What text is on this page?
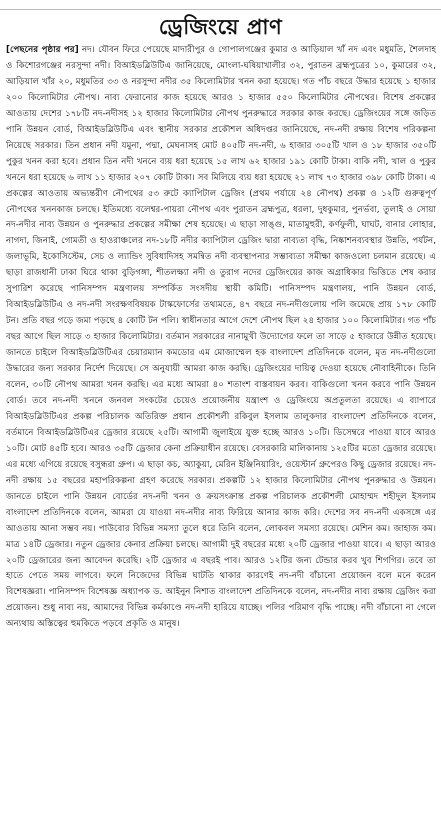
ড্রেজিংয়ে প্রাণ
[পেছনের পৃষ্ঠার পর] নদ। যৌবন ফিরে পেয়েছে মাদারীপুর ও গোপালগঞ্জের কুমার ও আড়িয়াল খাঁ নদ এবং মধুমতি, শৈলদাহ ও কিশোরগঞ্জের নরসুন্দা নদী। বিআইডব্লিউটিএ জানিয়েছে, মোংলা-ঘষিয়াখালীর ৩২, পুরাতন ব্রহ্মপুত্রের ১০, কুমারের ৩২, আড়িয়াল খাঁর ২০, মধুমতির ৩৩ ও নরসুন্দা নদীর ৩৫ কিলোমিটার খনন করা হয়েছে। গত পাঁচ বছরে উদ্ধার হয়েছে ১ হাজার ২০০ কিলোমিটার নৌপথ। নাব্য ফেরানোর কাজ হয়েছে আরও ১ হাজার ৫৫০ কিলোমিটার নৌপথের। বিশেষ প্রকল্পের আওতায় দেশের ১৭৮টি নদ-নদীসহ ১২ হাজার কিলোমিটার নৌপথ পুনরুদ্ধারে সরকার কাজ করছে। ড্রেজিংয়ের সঙ্গে জড়িত পানি উন্নয়ন বোর্ড, বিআইডব্লিউটিএ এবং স্থানীয় সরকার প্রকৌশল অধিদপ্তর জানিয়েছে, নদ-নদী রক্ষায় বিশেষ পরিকল্পনা নিয়েছে সরকার। তিন প্রধান নদী যমুনা, পদ্মা, মেঘনাসহ মোট ৪০৫টি নদ-নদী, ৬ হাজার ৩০৫টি খাল ও ১৮ হাজার ৩৫০টি পুকুর খনন করা হবে। প্রধান তিন নদী খননে ব্যয় ধরা হয়েছে ১৫ লাখ ৬২ হাজার ১৯১ কোটি টাকা। বাকি নদী, খাল ও পুকুর খননে ধরা হয়েছে ৬ লাখ ১১ হাজার ২০৭ কোটি টাকা। সব মিলিয়ে ব্যয় ধরা হয়েছে ২১ লাখ ৭৩ হাজার ৩৯৮ কোটি টাকা। এ প্রকল্পের আওতায় অভ্যন্তরীণ নৌপথের ৫৩ রুটে ক্যাপিটাল ড্রেজিং (প্রথম পর্যায়ে ২৪ নৌপথ) প্রকল্প ও ১২টি গুরুত্বপূর্ণ নৌপথের খননকাজ চলছে। ইতিমধ্যে বলেশ্বর-পায়রা নৌপথ এবং পুরাতন ব্রহ্মপুত্র, ধরলা, দুধকুমার, পুনর্ভবা, তুলাই ও সোয়া নদ-নদীর নাব্য উন্নয়ন ও পুনরুদ্ধার প্রকল্পের সমীক্ষা শেষ হয়েছে। এ ছাড়া সাঙ্গু, মাতামুহুরী, কর্ণফুলী, ঘাঘট, বানার লোহার, নাগদা, জিনাই, গোমতী ও হাওরাঞ্চলের নদ-১৮টি নদীর ক্যাপিটাল ড্রেজিং দ্বারা নাব্যতা বৃদ্ধি, নিষ্কাশনব্যবস্থার উন্নতি, পর্যটন, জলাভূমি, ইকোসিস্টেম, সেচ ও ল্যান্ডিং সুবিধাদিসহ সমন্বিত নদী ব্যবস্থাপনার সম্ভাব্যতা সমীক্ষা কাজওলো চলমান রয়েছে। এ ছাড়া রাজধানী ঢাকা ঘিরে থাকা বুড়িগঙ্গা, শীতলক্ষ্যা নদী ও তুরাগ নদের ড্রেজিংয়ের কাজ অগ্রাধিকার ভিত্তিতে শেষ করার সুপারিশ করেছে পানিসম্পদ মন্ত্রণালয় সম্পর্কিত সংসদীয় স্থায়ী কমিটি। পানিসম্পদ মন্ত্রণালয়, পানি উন্নয়ন বোর্ড, বিআইডব্লিউটিএ ও নদ-নদী সংরক্ষণবিষয়ক টাস্কফোর্সের তথ্যমতে, ৪৭ বছরে নদ-নদীগুলোয় পলি জমেছে প্রায় ১৭৮ কোটি টন। প্রতি বছর গড়ে জমা পড়ছে ৪ কোটি টন পলি। স্বাধীনতার আগে দেশে নৌপথ ছিল ২৪ হাজার ১০০ কিলোমিটার। গত পাঁচ বছর আগে ছিল সাড়ে ৩ হাজার কিলোমিটার। বর্তমান সরকারের নানামুখী উদ্যোগের ফলে তা সাড়ে ৫ হাজারে উন্নীত হয়েছে। জানতে চাইলে বিআইডব্লিউটিএর চেয়ারম্যান কমডোর এম মোজাম্মেল হক বাংলাদেশ প্রতিদিনকে বলেন, মৃত নদ-নদীগুলো উদ্ধারের জন্য সরকার নির্দেশ দিয়েছে। সে অনুযায়ী আমরা কাজ করছি। ড্রেজিংয়ের দায়িত্ব দেওয়া হয়েছে নৌবাহিনীকে। তিনি বলেন, ৩০টি নৌপথ আমরা খনন করছি। এর মধ্যে আমরা ৪০ শতাংশ বাস্তবায়ন করব। বাকিগুলো খনন করবে পানি উন্নয়ন বোর্ড। তবে নদ-নদী খননে জনবল সংকটের চেয়েও প্রয়োজনীয় যন্ত্রাংশ ও ড্রেজিংয়ে অপ্রতুলতা রয়েছে। এ ব্যাপারে বিআইডব্লিউটিএর প্রকল্প পরিচালক অতিরিক্ত প্রধান প্রকৌশলী রকিবুল ইসলাম তালুকদার বাংলাদেশ প্রতিদিনকে বলেন, বর্তমানে বিআইডব্লিউটিএর ড্রেজার রয়েছে ২৫টি। আগামী জুলাইয়ে যুক্ত হচ্ছে আরও ১০টি। ডিসেম্বরে পাওয়া যাবে আরও ১০টি। মোট ৪৫টি হবে। আরও ৩৫টি ড্রেজার কেনা প্রক্রিয়াধীন রয়েছে। বেসরকারি মালিকানায় ১২৫টির মতো ড্রেজার রয়েছে। এর মধ্যে এগিয়ে রয়েছে বসুন্ধরা গ্রুপ। এ ছাড়া কচ, অ্যাকুয়া, মেরিন ইঞ্জিনিয়ারিং, ওয়েস্টার্ন গ্রুপেরও কিছু ড্রেজার রয়েছে। নদ-নদী রক্ষায় ১৫ বছরের মহাপরিকল্পনা গ্রহণ করেছে সরকার। প্রকল্পটি ১২ হাজার কিলোমিটার নৌপথ পুনরুদ্ধার ও উন্নয়ন। জানতে চাইলে পানি উন্নয়ন বোর্ডের নদ-নদী খনন ও ক্রয়সংক্রান্ত প্রকল্প পরিচালক প্রকৌশলী মোহাম্মদ শহীদুল ইসলাম বাংলাদেশ প্রতিদিনকে বলেন, আমরা যে যাওয়া নদ-নদীর নাব্য ফিরিয়ে আনার কাজ করি। দেশের সব নদ-নদী একসঙ্গে এর আওতায় আনা সম্ভব নয়। পাউবোর বিভিন্ন সমস্যা তুলে ধরে তিনি বলেন, লোকবল সমস্যা রয়েছে। মেশিন কম। জাহাজ কম। মাত্র ১৪টি ড্রেজার। নতুন ড্রেজার কেনার প্রক্রিয়া চলছে। আগামী দুই বছরের মধ্যে ২০টি ড্রেজার পাওয়া যাবে। এ ছাড়া আরও ২০টি ড্রেজারের জন্য আবেদন করেছি। ২টি ড্রেজার এ বছরই পাব। আরও ১২টির জন্য টেন্ডার করব খুব শিগগির। তবে তা হাতে পেতে সময় লাগবে। ফলে নিজেদের বিভিন্ন ঘাটতি থাকার কারণেই নদ-নদী বাঁচানো প্রয়োজন বলে মনে করেন বিশেষজ্ঞরা। পানিসম্পদ বিশেষজ্ঞ অধ্যাপক ড. আইনুন নিশাত বাংলাদেশ প্রতিদিনকে বলেন, নদ-নদীর নাব্য রক্ষায় ড্রেজিং করা প্রয়োজন। শুধু নাব্য নয়, আমাদের বিভিন্ন কর্মকাণ্ডে নদ-নদী হারিয়ে যাচ্ছে। পলির পরিমাণ বৃদ্ধি পাচ্ছে। নদী বাঁচানো না গেলে অন্যথায় অস্তিত্বের হুমকিতে পড়বে প্রকৃতি ও মানুষ।
